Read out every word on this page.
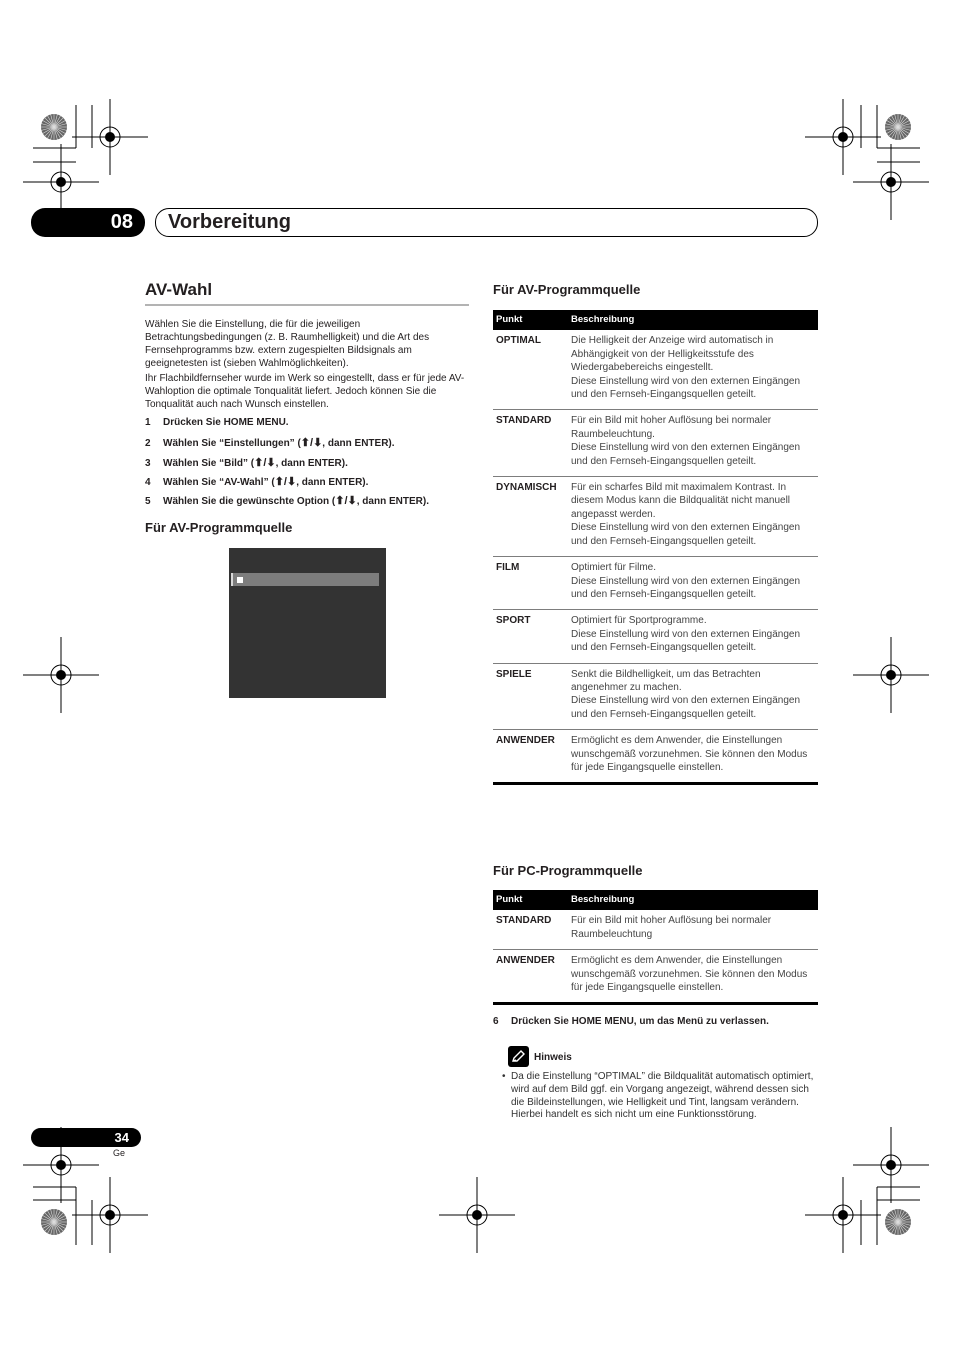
08	Vorbereitung
AV-Wahl

Wählen Sie die Einstellung, die für die jeweiligen Betrachtungsbedingungen (z. B. Raumhelligkeit) und die Art des Fernsehprogramms bzw. extern zugespielten Bildsignals am geeignetesten ist (sieben Wahlmöglichkeiten).

Ihr Flachbildfernseher wurde im Werk so eingestellt, dass er für jede AV-Wahloption die optimale Tonqualität liefert. Jedoch können Sie die Tonqualität auch nach Wunsch einstellen.

1 Drücken Sie HOME MENU.
2 Wählen Sie “Einstellungen” (⬆/⬇, dann ENTER).
3 Wählen Sie “Bild” (⬆/⬇, dann ENTER).
4 Wählen Sie “AV-Wahl” (⬆/⬇, dann ENTER).
5 Wählen Sie die gewünschte Option (⬆/⬇, dann ENTER).
Für AV-Programmquelle
Für AV-Programmquelle
Punkt	Beschreibung
OPTIMAL	Die Helligkeit der Anzeige wird automatisch in Abhängigkeit von der Helligkeitsstufe des Wiedergabebereichs eingestellt.
Diese Einstellung wird von den externen Eingängen und den Fernseh-Eingangsquellen geteilt.

STANDARD	Für ein Bild mit hoher Auflösung bei normaler Raumbeleuchtung.
Diese Einstellung wird von den externen Eingängen und den Fernseh-Eingangsquellen geteilt.

DYNAMISCH	Für ein scharfes Bild mit maximalem Kontrast. In diesem Modus kann die Bildqualität nicht manuell angepasst werden.
Diese Einstellung wird von den externen Eingängen und den Fernseh-Eingangsquellen geteilt.

FILM	Optimiert für Filme.
Diese Einstellung wird von den externen Eingängen und den Fernseh-Eingangsquellen geteilt.

SPORT	Optimiert für Sportprogramme.
Diese Einstellung wird von den externen Eingängen und den Fernseh-Eingangsquellen geteilt.

SPIELE	Senkt die Bildhelligkeit, um das Betrachten angenehmer zu machen.
Diese Einstellung wird von den externen Eingängen und den Fernseh-Eingangsquellen geteilt.

ANWENDER	Ermöglicht es dem Anwender, die Einstellungen wunschgemäß vorzunehmen. Sie können den Modus für jede Eingangsquelle einstellen.
Für PC-Programmquelle
Punkt	Beschreibung
STANDARD	Für ein Bild mit hoher Auflösung bei normaler Raumbeleuchtung

ANWENDER	Ermöglicht es dem Anwender, die Einstellungen wunschgemäß vorzunehmen. Sie können den Modus für jede Eingangsquelle einstellen.
6 Drücken Sie HOME MENU, um das Menü zu verlassen.
Hinweis
• Da die Einstellung “OPTIMAL” die Bildqualität automatisch optimiert, wird auf dem Bild ggf. ein Vorgang angezeigt, während dessen sich die Bildeinstellungen, wie Helligkeit und Tint, langsam verändern. Hierbei handelt es sich nicht um eine Funktionsstörung.
34
Ge
